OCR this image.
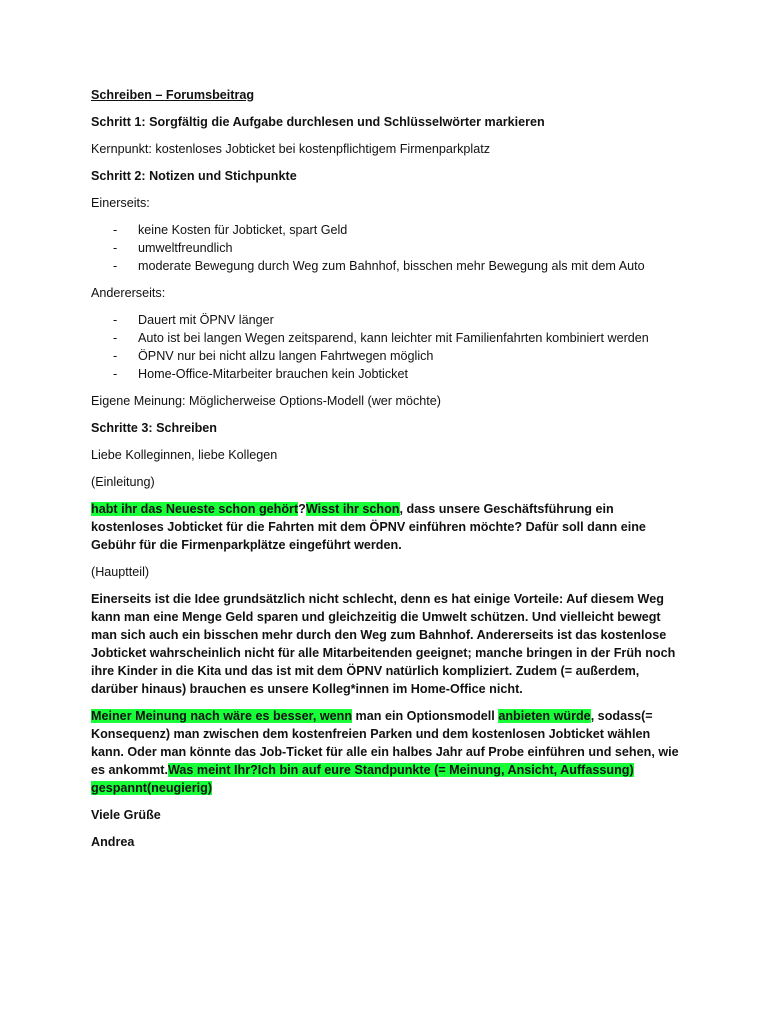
Schreiben – Forumsbeitrag

Schritt 1: Sorgfältig die Aufgabe durchlesen und Schlüsselwörter markieren

Kernpunkt: kostenloses Jobticket bei kostenpflichtigem Firmenparkplatz

Schritt 2: Notizen und Stichpunkte

Einerseits:

- keine Kosten für Jobticket, spart Geld
- umweltfreundlich
- moderate Bewegung durch Weg zum Bahnhof, bisschen mehr Bewegung als mit dem Auto

Andererseits:

- Dauert mit ÖPNV länger
- Auto ist bei langen Wegen zeitsparend, kann leichter mit Familienfahrten kombiniert werden
- ÖPNV nur bei nicht allzu langen Fahrtwegen möglich
- Home-Office-Mitarbeiter brauchen kein Jobticket

Eigene Meinung: Möglicherweise Options-Modell (wer möchte)

Schritte 3: Schreiben

Liebe Kolleginnen, liebe Kollegen

(Einleitung)

habt ihr das Neueste schon gehört?Wisst ihr schon, dass unsere Geschäftsführung ein kostenloses Jobticket für die Fahrten mit dem ÖPNV einführen möchte? Dafür soll dann eine Gebühr für die Firmenparkplätze eingeführt werden.

(Hauptteil)

Einerseits ist die Idee grundsätzlich nicht schlecht, denn es hat einige Vorteile: Auf diesem Weg kann man eine Menge Geld sparen und gleichzeitig die Umwelt schützen. Und vielleicht bewegt man sich auch ein bisschen mehr durch den Weg zum Bahnhof. Andererseits ist das kostenlose Jobticket wahrscheinlich nicht für alle Mitarbeitenden geeignet; manche bringen in der Früh noch ihre Kinder in die Kita und das ist mit dem ÖPNV natürlich kompliziert. Zudem (= außerdem, darüber hinaus) brauchen es unsere Kolleg*innen im Home-Office nicht.

Meiner Meinung nach wäre es besser, wenn man ein Optionsmodell anbieten würde, sodass(= Konsequenz) man zwischen dem kostenfreien Parken und dem kostenlosen Jobticket wählen kann. Oder man könnte das Job-Ticket für alle ein halbes Jahr auf Probe einführen und sehen, wie es ankommt.Was meint Ihr?Ich bin auf eure Standpunkte (= Meinung, Ansicht, Auffassung) gespannt(neugierig)

Viele Grüße

Andrea
